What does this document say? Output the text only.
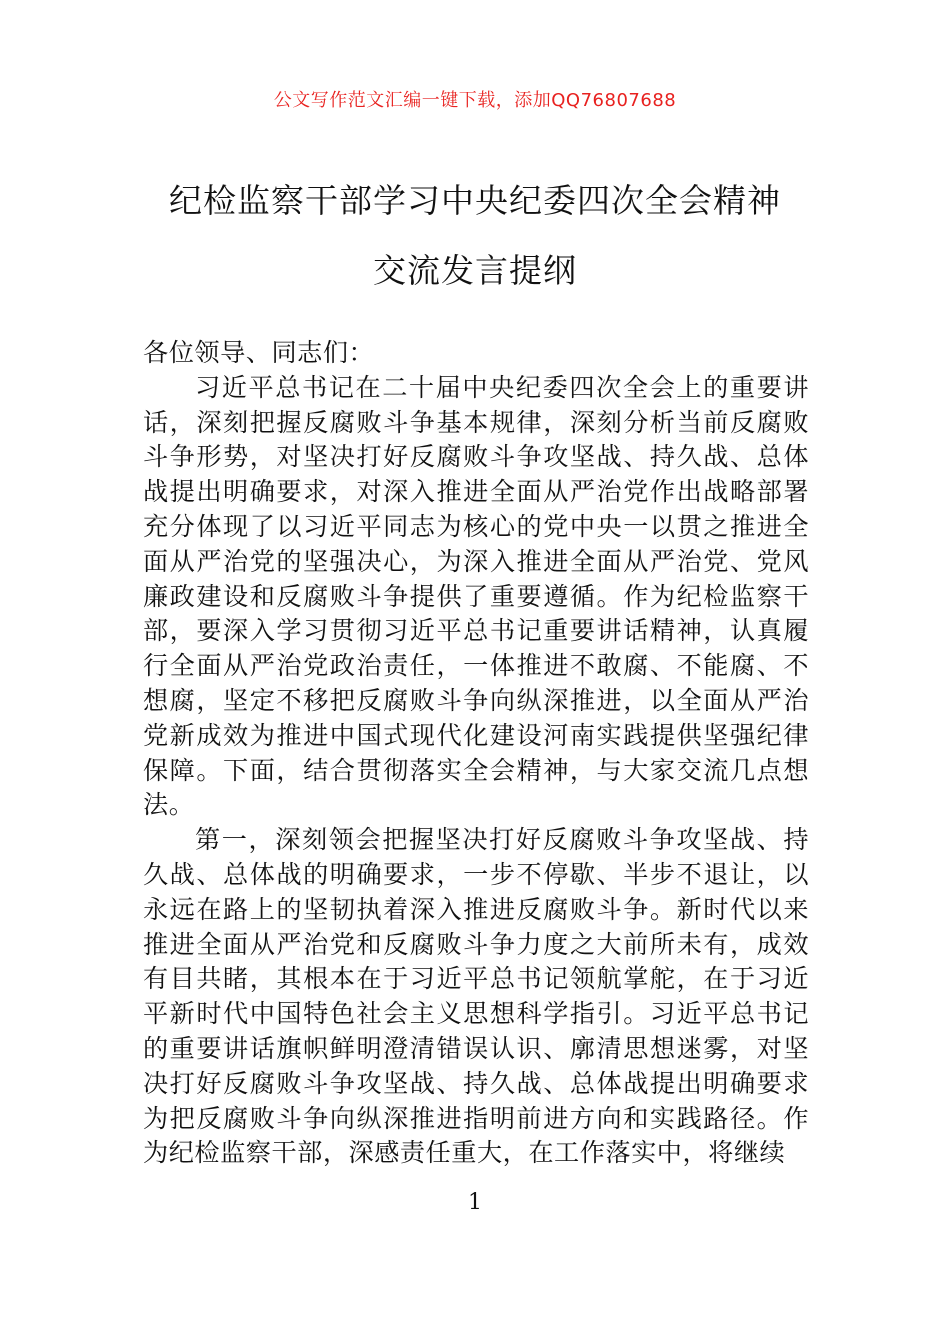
公文写作范文汇编一键下载，添加QQ76807688
纪检监察干部学习中央纪委四次全会精神
交流发言提纲

各位领导、同志们：

习近平总书记在二十届中央纪委四次全会上的重要讲话，深刻把握反腐败斗争基本规律，深刻分析当前反腐败斗争形势，对坚决打好反腐败斗争攻坚战、持久战、总体战提出明确要求，对深入推进全面从严治党作出战略部署充分体现了以习近平同志为核心的党中央一以贯之推进全面从严治党的坚强决心，为深入推进全面从严治党、党风廉政建设和反腐败斗争提供了重要遵循。作为纪检监察干部，要深入学习贯彻习近平总书记重要讲话精神，认真履行全面从严治党政治责任，一体推进不敢腐、不能腐、不想腐，坚定不移把反腐败斗争向纵深推进，以全面从严治党新成效为推进中国式现代化建设河南实践提供坚强纪律保障。下面，结合贯彻落实全会精神，与大家交流几点想法。

第一，深刻领会把握坚决打好反腐败斗争攻坚战、持久战、总体战的明确要求，一步不停歇、半步不退让，以永远在路上的坚韧执着深入推进反腐败斗争。新时代以来推进全面从严治党和反腐败斗争力度之大前所未有，成效有目共睹，其根本在于习近平总书记领航掌舵，在于习近平新时代中国特色社会主义思想科学指引。习近平总书记的重要讲话旗帜鲜明澄清错误认识、廓清思想迷雾，对坚决打好反腐败斗争攻坚战、持久战、总体战提出明确要求为把反腐败斗争向纵深推进指明前进方向和实践路径。作为纪检监察干部，深感责任重大，在工作落实中，将继续

1
